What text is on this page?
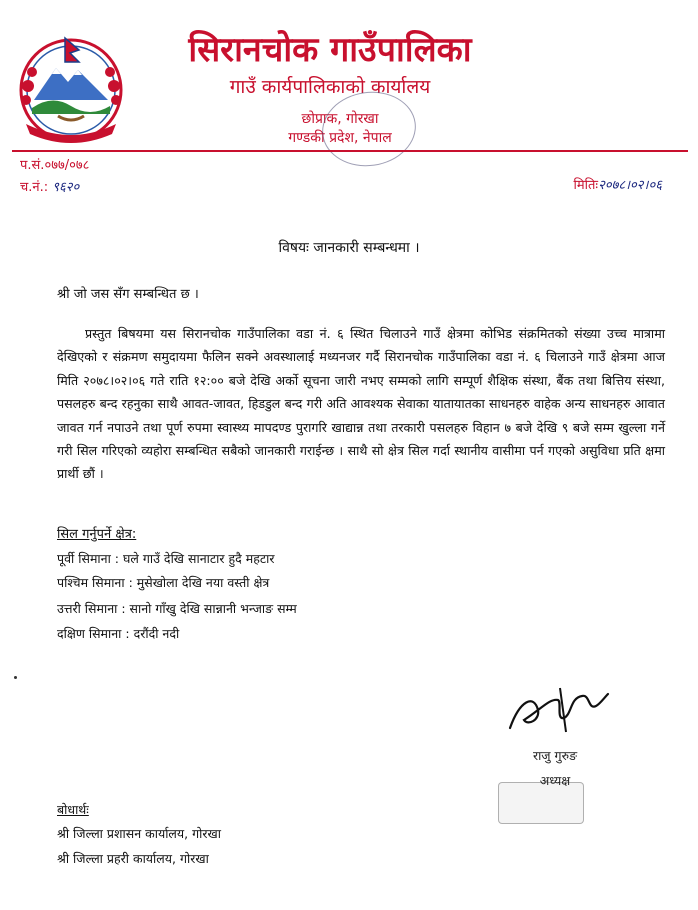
सिरानचोक गाउँपालिका
गाउँ कार्यपालिकाको कार्यालय
छोप्राक, गोरखा
गण्डकी प्रदेश, नेपाल
प.सं.०७७/०७८
च.नं.: ९६२०	मितिः२०७८।०२।०६
विषयः जानकारी सम्बन्धमा ।
श्री जो जस सँग सम्बन्धित छ ।
प्रस्तुत बिषयमा यस सिरानचोक गाउँपालिका वडा नं. ६ स्थित चिलाउने गाउँ क्षेत्रमा कोभिड संक्रमितको संख्या उच्च मात्रामा देखिएको र संक्रमण समुदायमा फैलिन सक्ने अवस्थालाई मध्यनजर गर्दै सिरानचोक गाउँपालिका वडा नं. ६ चिलाउने गाउँ क्षेत्रमा आज मिति २०७८।०२।०६ गते राति १२:०० बजे देखि अर्को सूचना जारी नभए सम्मको लागि सम्पूर्ण शैक्षिक संस्था, बैंक तथा बित्तिय संस्था, पसलहरु बन्द रहनुका साथै आवत-जावत, हिडडुल बन्द गरी अति आवश्यक सेवाका यातायातका साधनहरु वाहेक अन्य साधनहरु आवात जावत गर्न नपाउने तथा पूर्ण रुपमा स्वास्थ्य मापदण्ड पुरागरि खाद्यान्न तथा तरकारी पसलहरु विहान ७ बजे देखि ९ बजे सम्म खुल्ला गर्ने गरी सिल गरिएको व्यहोरा सम्बन्धित सबैको जानकारी गराईन्छ । साथै सो क्षेत्र सिल गर्दा स्थानीय वासीमा पर्न गएको असुविधा प्रति क्षमा प्रार्थी छौं ।
सिल गर्नुपर्ने क्षेत्र:
पूर्वी सिमाना : घले गाउँ देखि सानाटार हुदै महटार
पश्चिम सिमाना : मुसेखोला देखि नया वस्ती क्षेत्र
उत्तरी सिमाना : सानो गाँखु देखि सान्नानी भन्जाङ सम्म
दक्षिण सिमाना : दरौंदी नदी
राजु गुरुङ
अध्यक्ष
बोधार्थः
श्री जिल्ला प्रशासन कार्यालय, गोरखा
श्री जिल्ला प्रहरी कार्यालय, गोरखा
